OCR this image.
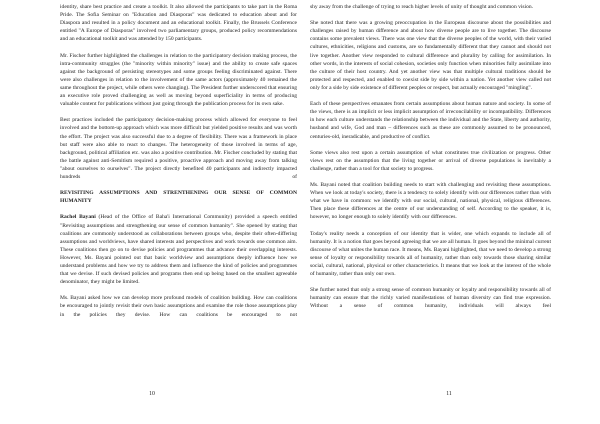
identity, share best practice and create a toolkit. It also allowed the participants to take part in the Roma Pride. The Sofia Seminar on "Education and Diasporas" was dedicated to education about and for Diaspora and resulted in a policy document and an educational toolkit. Finally, the Brussels Conference entitled "A Europe of Diasporas" involved two parliamentary groups, produced policy recommendations and an educational toolkit and was attended by 150 participants.

Mr. Fischer further highlighted the challenges in relation to the participatory decision making process, the intra-community struggles (the "minority within minority" issue) and the ability to create safe spaces against the background of persisting stereotypes and some groups feeling discriminated against. There were also challenges in relation to the involvement of the same actors (approximately 40 remained the same throughout the project, while others were changing). The President further underscored that ensuring an executive role proved challenging as well as moving beyond superficiality in terms of producing valuable content for publications without just going through the publication process for its own sake.

Best practices included the participatory decision-making process which allowed for everyone to feel involved and the bottom-up approach which was more difficult but yielded positive results and was worth the effort. The project was also successful due to a degree of flexibility. There was a framework in place but staff were also able to react to changes. The heterogeneity of those involved in terms of age, background, political affiliation etc. was also a positive contribution. Mr. Fischer concluded by stating that the battle against anti-Semitism required a positive, proactive approach and moving away from talking "about ourselves to ourselves". The project directly benefited 40 participants and indirectly impacted hundreds of

REVISITING ASSUMPTIONS AND STRENTHENING OUR SENSE OF COMMON HUMANITY

Rachel Bayani (Head of the Office of Baha'i International Community) provided a speech entitled "Revisiting assumptions and strengthening our sense of common humanity". She opened by stating that coalitions are commonly understood as collaborations between groups who, despite their often-differing assumptions and worldviews, have shared interests and perspectives and work towards one common aim. These coalitions then go on to devise policies and programmes that advance their overlapping interests. However, Ms. Bayani pointed out that basic worldview and assumptions deeply influence how we understand problems and how we try to address them and influence the kind of policies and programmes that we devise. If such devised policies and programs then end up being based on the smallest agreeable denominator, they might be limited.

Ms. Bayani asked how we can develop more profound models of coalition building. How can coalitions be encouraged to jointly revisit their own basic assumptions and examine the role those assumptions play in the policies they devise. How can coalitions be encouraged to not

10

shy away from the challenge of trying to reach higher levels of unity of thought and common vision.

She noted that there was a growing preoccupation in the European discourse about the possibilities and challenges raised by human difference and about how diverse people are to live together. The discourse contains some prevalent views. There was one view that the diverse peoples of the world, with their varied cultures, ethnicities, religions and customs, are so fundamentally different that they cannot and should not live together. Another view responded to cultural difference and plurality by calling for assimilation. In other words, in the interests of social cohesion, societies only function when minorities fully assimilate into the culture of their host country. And yet another view was that multiple cultural traditions should be protected and respected, and enabled to coexist side by side within a nation. Yet another view called not only for a side by side existence of different peoples or respect, but actually encouraged "mingling".

Each of these perspectives emanates from certain assumptions about human nature and society. In some of the views, there is an implicit or less implicit assumption of irreconcilability or incompatibility. Differences in how each culture understands the relationship between the individual and the State, liberty and authority, husband and wife, God and man – differences such as these are commonly assumed to be pronounced, centuries-old, ineradicable, and productive of conflict.

Some views also rest upon a certain assumption of what constitutes true civilization or progress. Other views rest on the assumption that the living together or arrival of diverse populations is inevitably a challenge, rather than a tool for that society to progress.

Ms. Bayani noted that coalition building needs to start with challenging and revisiting these assumptions. When we look at today's society, there is a tendency to solely identify with our differences rather than with what we have in common: we identify with our social, cultural, national, physical, religious differences. Then place these differences at the centre of our understanding of self. According to the speaker, it is, however, no longer enough to solely identify with our differences.

Today's reality needs a conception of our identity that is wider, one which expands to include all of humanity. It is a notion that goes beyond agreeing that we are all human. It goes beyond the minimal current discourse of what unites the human race. It means, Ms. Bayani highlighted, that we need to develop a strong sense of loyalty or responsibility towards all of humanity, rather than only towards those sharing similar social, cultural, national, physical or other characteristics. It means that we look at the interest of the whole of humanity, rather than only our own.

She further noted that only a strong sense of common humanity or loyalty and responsibility towards all of humanity can ensure that the richly varied manifestations of human diversity can find true expression. Without a sense of common humanity, individuals will always feel

11
